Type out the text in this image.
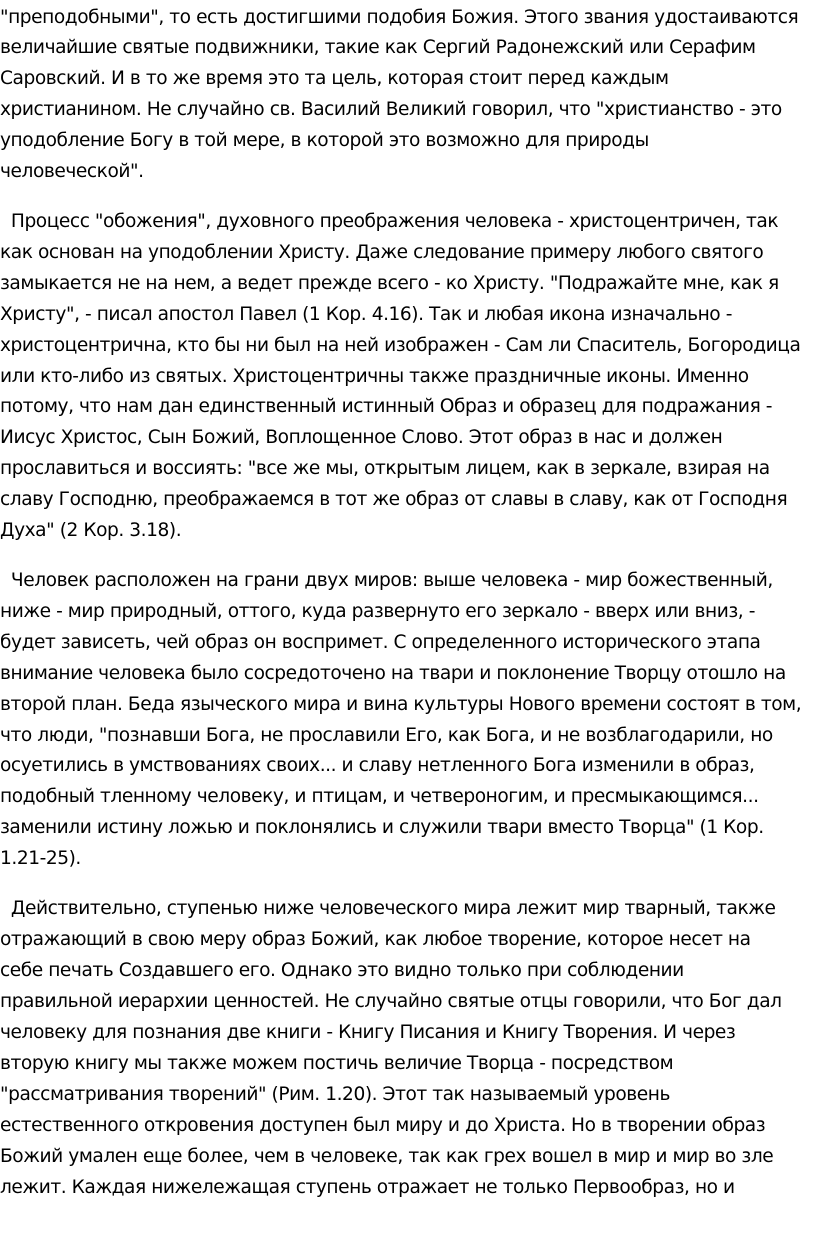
"преподобными", то есть достигшими подобия Божия. Этого звания удостаиваются
величайшие святые подвижники, такие как Сергий Радонежский или Серафим
Саровский. И в то же время это та цель, которая стоит перед каждым
христианином. Не случайно св. Василий Великий говорил, что "христианство - это
уподобление Богу в той мере, в которой это возможно для природы
человеческой".
Процесс "обожения", духовного преображения человека - христоцентричен, так
как основан на уподоблении Христу. Даже следование примеру любого святого
замыкается не на нем, а ведет прежде всего - ко Христу. "Подражайте мне, как я
Христу", - писал апостол Павел (1 Кор. 4.16). Так и любая икона изначально -
христоцентрична, кто бы ни был на ней изображен - Сам ли Спаситель, Богородица
или кто-либо из святых. Христоцентричны также праздничные иконы. Именно
потому, что нам дан единственный истинный Образ и образец для подражания -
Иисус Христос, Сын Божий, Воплощенное Слово. Этот образ в нас и должен
прославиться и воссиять: "все же мы, открытым лицем, как в зеркале, взирая на
славу Господню, преображаемся в тот же образ от славы в славу, как от Господня
Духа" (2 Кор. 3.18).
Человек расположен на грани двух миров: выше человека - мир божественный,
ниже - мир природный, оттого, куда развернуто его зеркало - вверх или вниз, -
будет зависеть, чей образ он воспримет. С определенного исторического этапа
внимание человека было сосредоточено на твари и поклонение Творцу отошло на
второй план. Беда языческого мира и вина культуры Нового времени состоят в том,
что люди, "познавши Бога, не прославили Его, как Бога, и не возблагодарили, но
осуетились в умствованиях своих... и славу нетленного Бога изменили в образ,
подобный тленному человеку, и птицам, и четвероногим, и пресмыкающимся...
заменили истину ложью и поклонялись и служили твари вместо Творца" (1 Кор.
1.21-25).
Действительно, ступенью ниже человеческого мира лежит мир тварный, также
отражающий в свою меру образ Божий, как любое творение, которое несет на
себе печать Создавшего его. Однако это видно только при соблюдении
правильной иерархии ценностей. Не случайно святые отцы говорили, что Бог дал
человеку для познания две книги - Книгу Писания и Книгу Творения. И через
вторую книгу мы также можем постичь величие Творца - посредством
"рассматривания творений" (Рим. 1.20). Этот так называемый уровень
естественного откровения доступен был миру и до Христа. Но в творении образ
Божий умален еще более, чем в человеке, так как грех вошел в мир и мир во зле
лежит. Каждая нижележащая ступень отражает не только Первообраз, но и
